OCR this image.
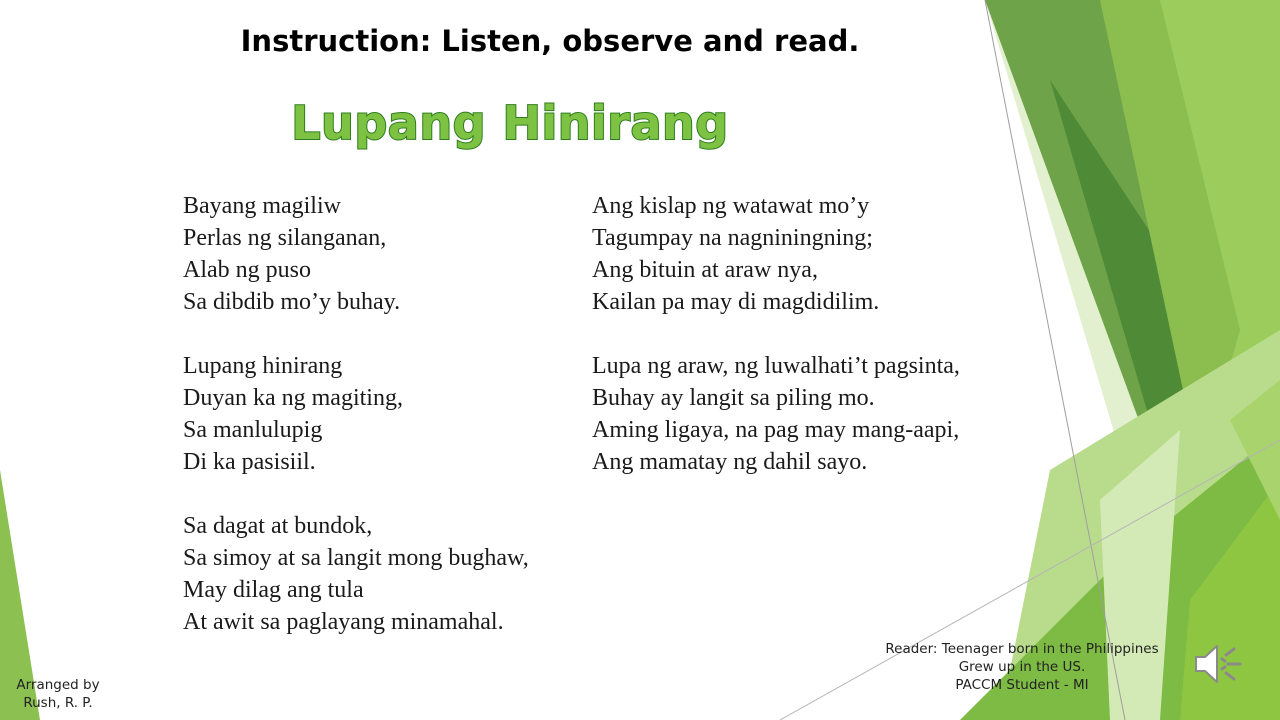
Instruction: Listen, observe and read.
Lupang Hinirang
Bayang magiliw
Perlas ng silanganan,
Alab ng puso
Sa dibdib mo’y buhay.
Lupang hinirang
Duyan ka ng magiting,
Sa manlulupig
Di ka pasisiil.
Sa dagat at bundok,
Sa simoy at sa langit mong bughaw,
May dilag ang tula
At awit sa paglayang minamahal.
Ang kislap ng watawat mo’y
Tagumpay na nagniningning;
Ang bituin at araw nya,
Kailan pa may di magdidilim.
Lupa ng araw, ng luwalhati’t pagsinta,
Buhay ay langit sa piling mo.
Aming ligaya, na pag may mang-aapi,
Ang mamatay ng dahil sayo.
Reader: Teenager born in the Philippines
Grew up in the US.
PACCM Student - MI
Arranged by
Rush, R. P.
